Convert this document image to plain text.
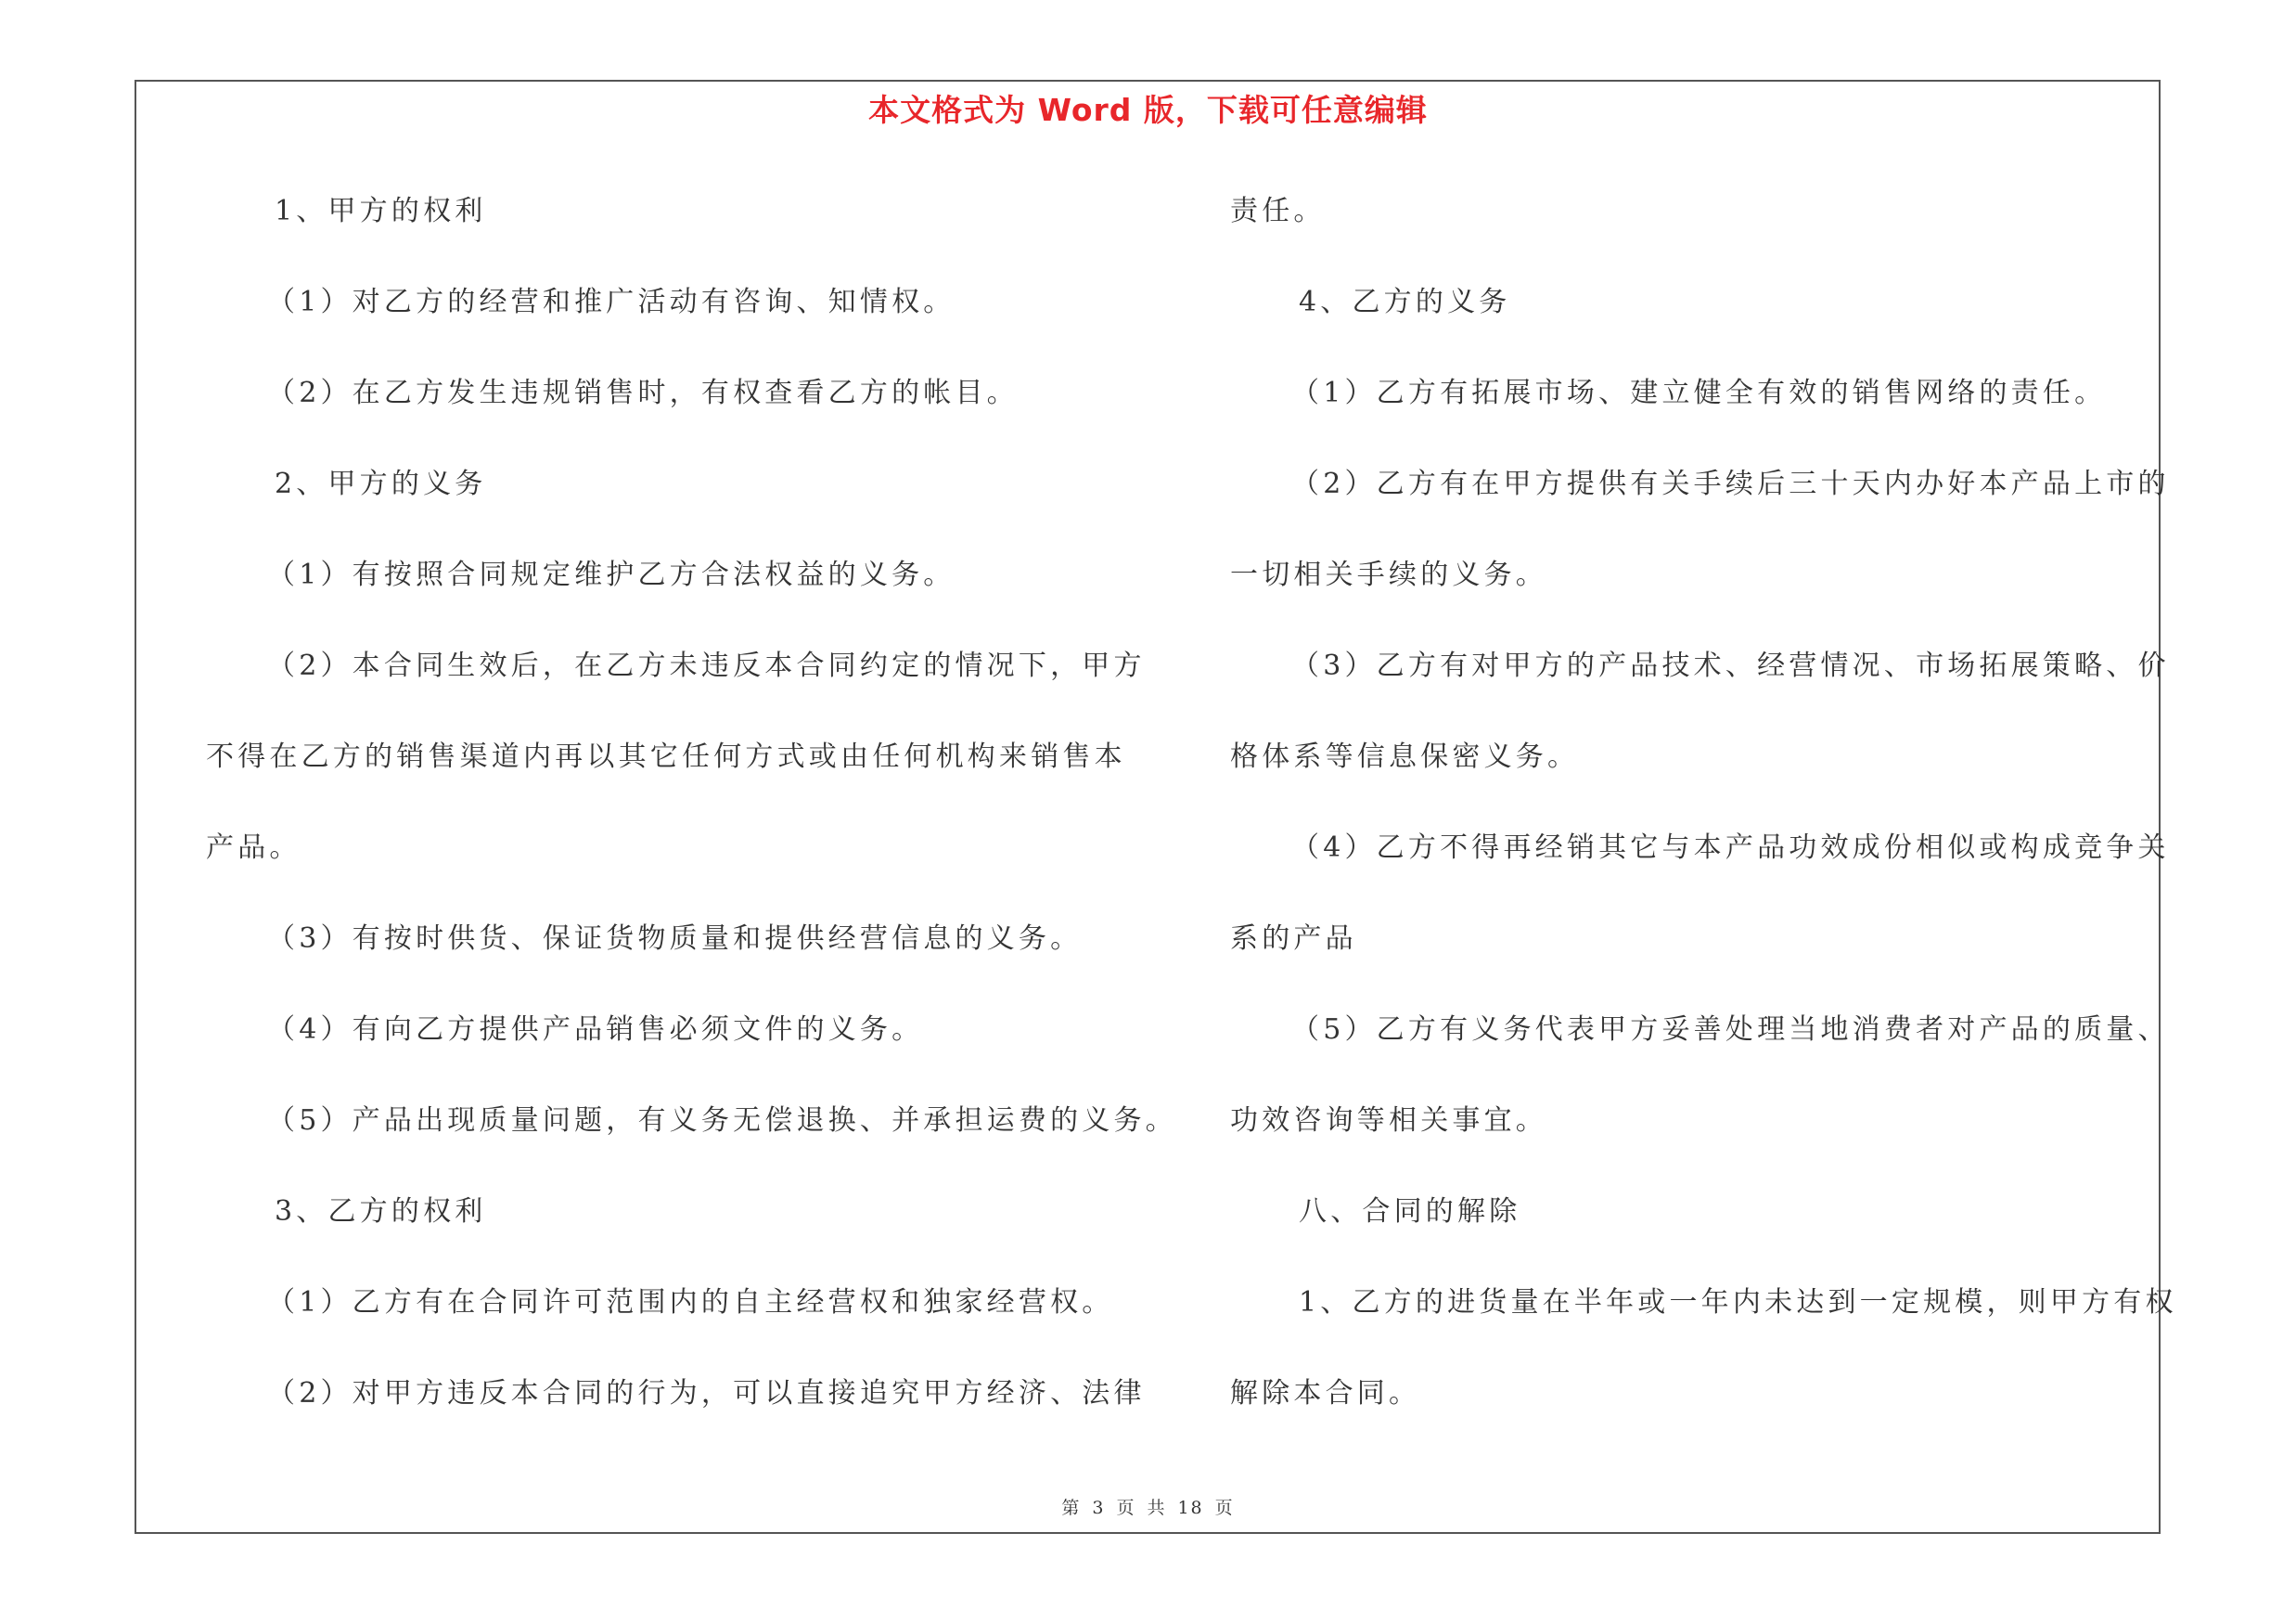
本文格式为 Word 版，下载可任意编辑
1、甲方的权利
（1）对乙方的经营和推广活动有咨询、知情权。
（2）在乙方发生违规销售时，有权查看乙方的帐目。
2、甲方的义务
（1）有按照合同规定维护乙方合法权益的义务。
（2）本合同生效后，在乙方未违反本合同约定的情况下，甲方
不得在乙方的销售渠道内再以其它任何方式或由任何机构来销售本
产品。
（3）有按时供货、保证货物质量和提供经营信息的义务。
（4）有向乙方提供产品销售必须文件的义务。
（5）产品出现质量问题，有义务无偿退换、并承担运费的义务。
3、乙方的权利
（1）乙方有在合同许可范围内的自主经营权和独家经营权。
（2）对甲方违反本合同的行为，可以直接追究甲方经济、法律
责任。
4、乙方的义务
（1）乙方有拓展市场、建立健全有效的销售网络的责任。
（2）乙方有在甲方提供有关手续后三十天内办好本产品上市的
一切相关手续的义务。
（3）乙方有对甲方的产品技术、经营情况、市场拓展策略、价
格体系等信息保密义务。
（4）乙方不得再经销其它与本产品功效成份相似或构成竞争关
系的产品
（5）乙方有义务代表甲方妥善处理当地消费者对产品的质量、
功效咨询等相关事宜。
八、合同的解除
1、乙方的进货量在半年或一年内未达到一定规模，则甲方有权
解除本合同。
第 3 页 共 18 页
